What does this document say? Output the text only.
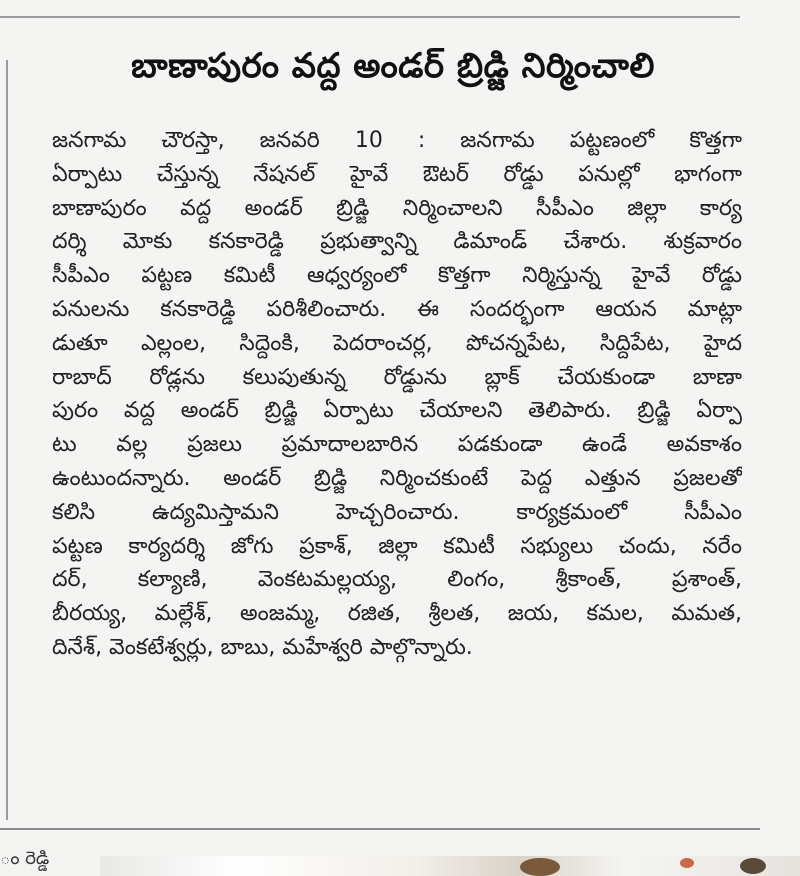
బాణాపురం వద్ద అండర్ బ్రిడ్జి నిర్మించాలి
జనగామ చౌరస్తా, జనవరి 10 : జనగామ పట్టణంలో కొత్తగా
ఏర్పాటు చేస్తున్న నేషనల్ హైవే ఔటర్ రోడ్డు పనుల్లో భాగంగా
బాణాపురం వద్ద అండర్ బ్రిడ్జి నిర్మించాలని సీపీఎం జిల్లా కార్య
దర్శి మోకు కనకారెడ్డి ప్రభుత్వాన్ని డిమాండ్ చేశారు. శుక్రవారం
సీపీఎం పట్టణ కమిటీ ఆధ్వర్యంలో కొత్తగా నిర్మిస్తున్న హైవే రోడ్డు
పనులను కనకారెడ్డి పరిశీలించారు. ఈ సందర్భంగా ఆయన మాట్లా
డుతూ ఎల్లంల, సిద్దెంకి, పెదరాంచర్ల, పోచన్నపేట, సిద్దిపేట, హైద
రాబాద్ రోడ్లను కలుపుతున్న రోడ్డును బ్లాక్ చేయకుండా బాణా
పురం వద్ద అండర్ బ్రిడ్జి ఏర్పాటు చేయాలని తెలిపారు. బ్రిడ్జి ఏర్పా
టు వల్ల ప్రజలు ప్రమాదాలబారిన పడకుండా ఉండే అవకాశం
ఉంటుందన్నారు. అండర్ బ్రిడ్జి నిర్మించకుంటే పెద్ద ఎత్తున ప్రజలతో
కలిసి ఉద్యమిస్తామని హెచ్చరించారు. కార్యక్రమంలో సీపీఎం
పట్టణ కార్యదర్శి జోగు ప్రకాశ్, జిల్లా కమిటీ సభ్యులు చందు, నరేం
దర్, కల్యాణి, వెంకటమల్లయ్య, లింగం, శ్రీకాంత్, ప్రశాంత్,
బీరయ్య, మల్లేశ్, అంజమ్మ, రజిత, శ్రీలత, జయ, కమల, మమత,
దినేశ్, వెంకటేశ్వర్లు, బాబు, మహేశ్వరి పాల్గొన్నారు.
ం రెడ్డి
